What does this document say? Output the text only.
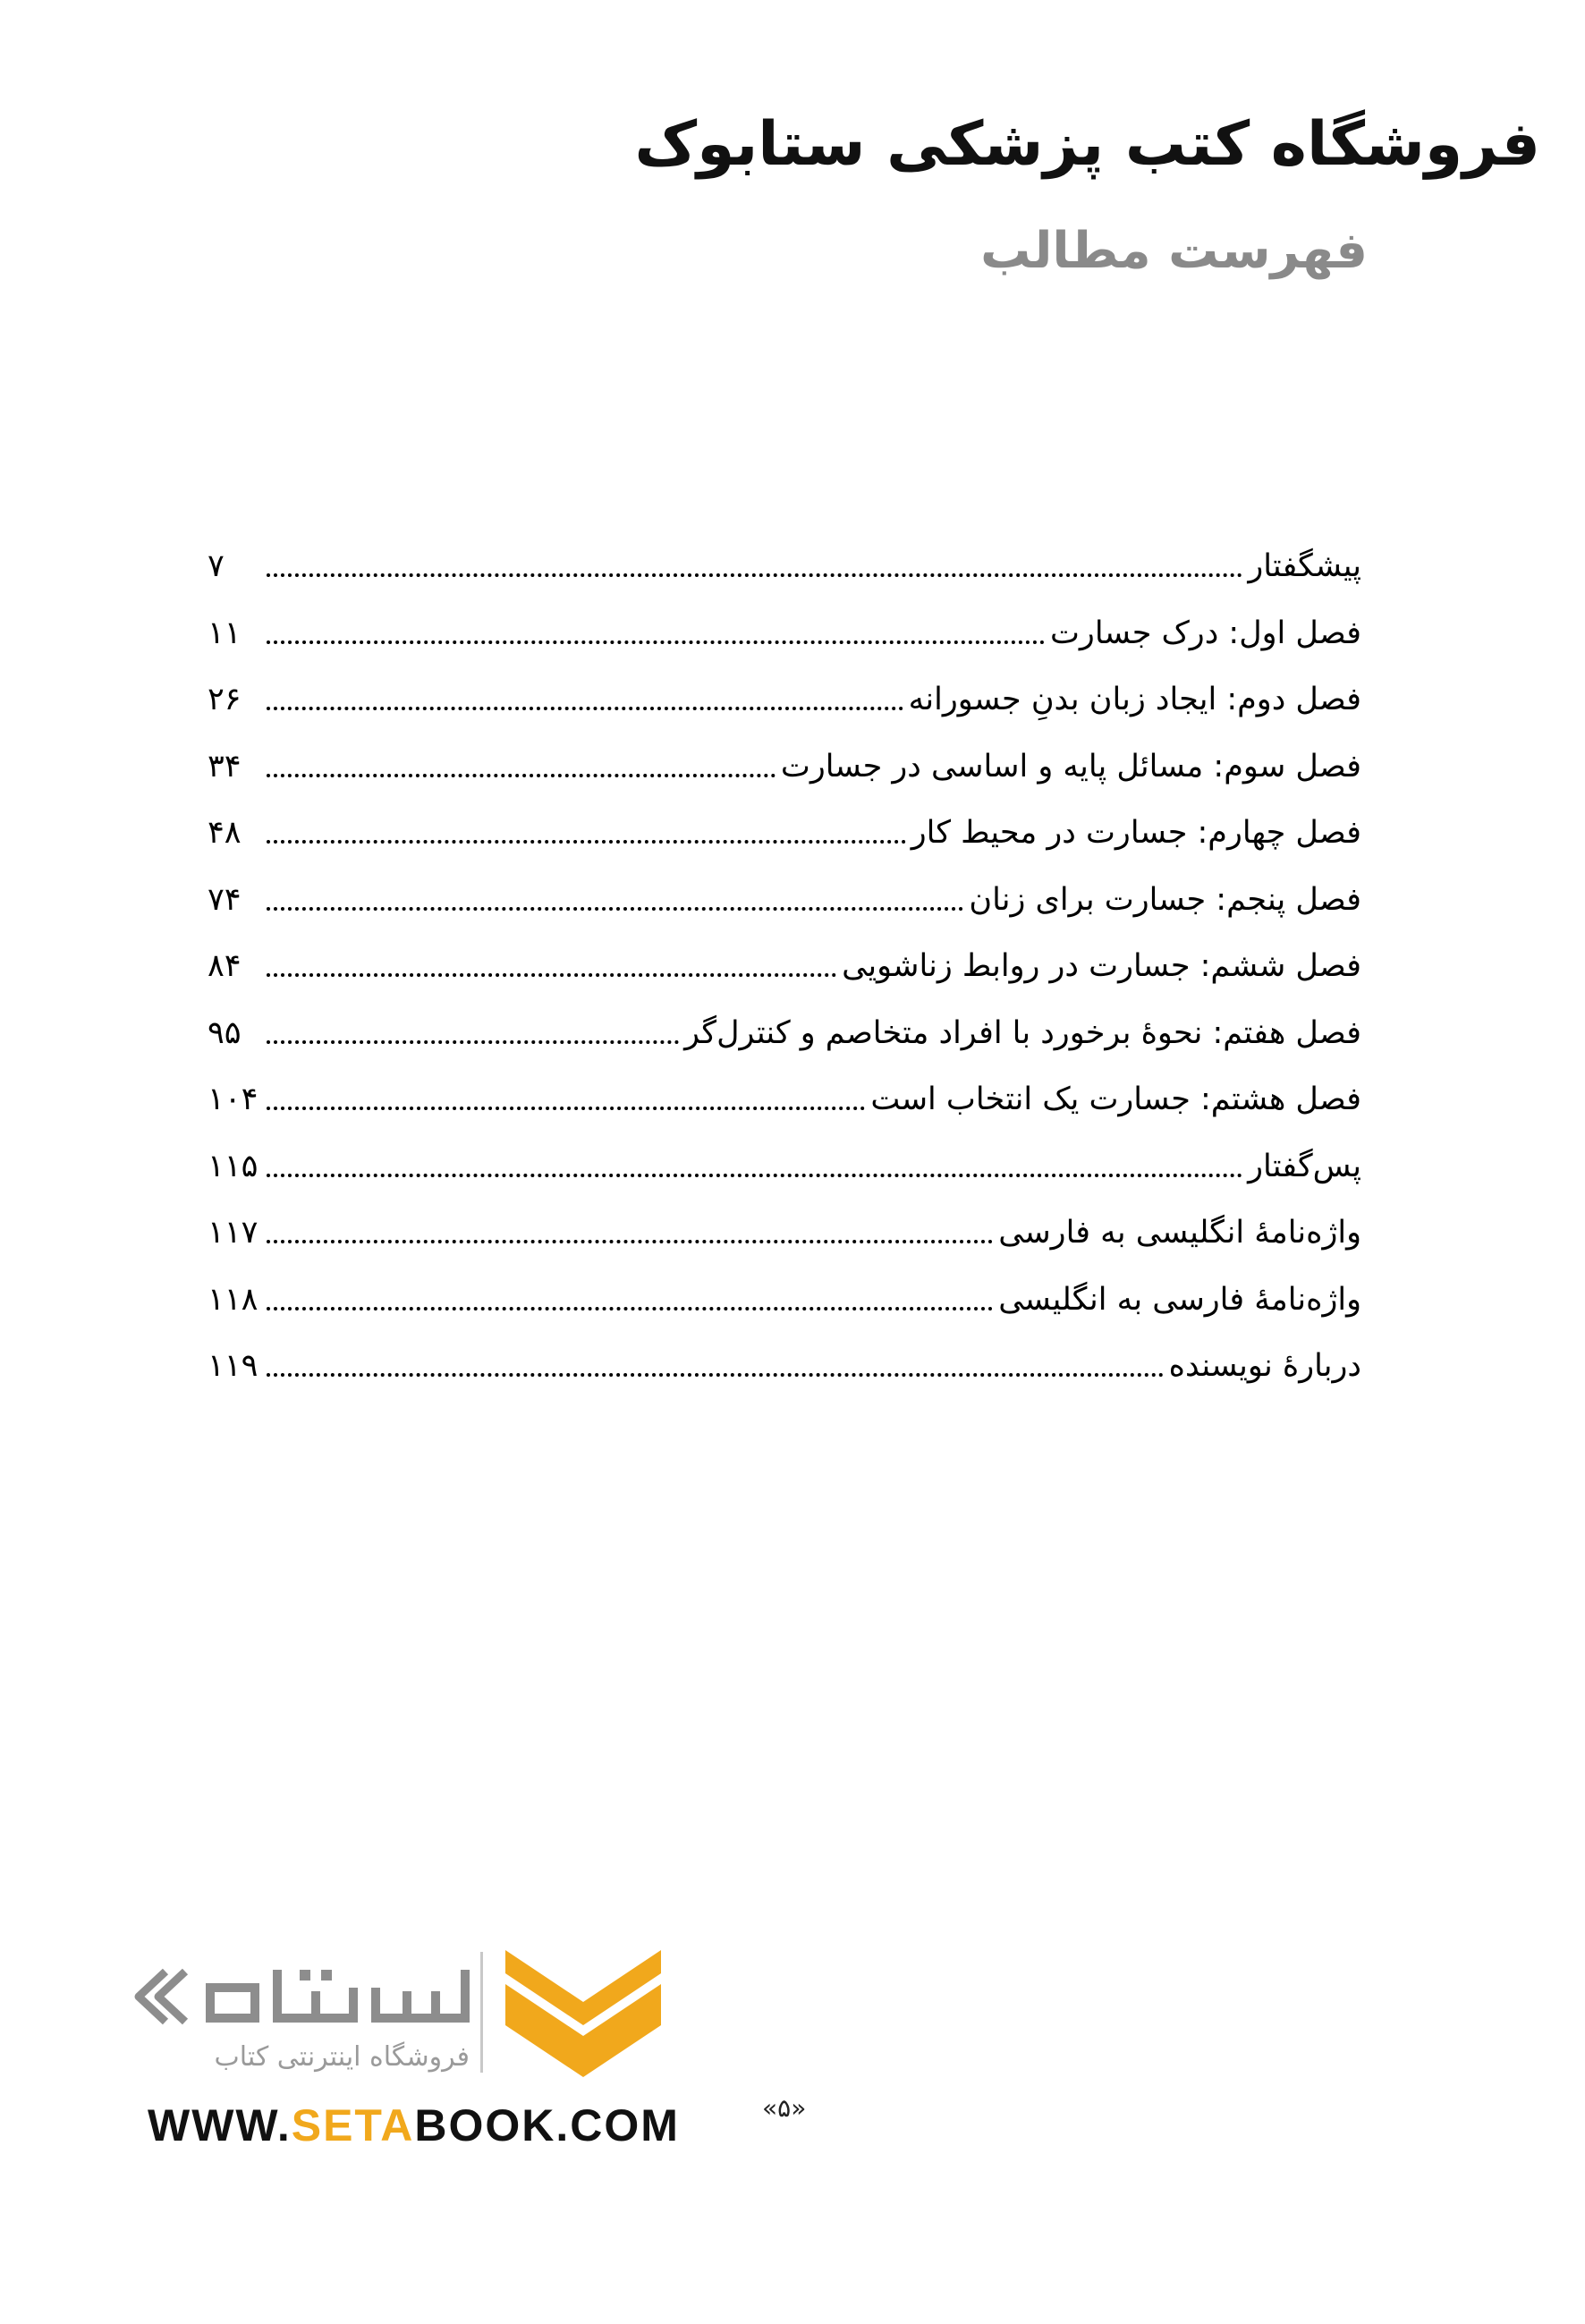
فروشگاه کتب پزشکی ستابوک
فهرست مطالب
۷	پیشگفتار
۱۱	فصل اول: درک جسارت
۲۶	فصل دوم: ایجاد زبان بدنِ جسورانه
۳۴	فصل سوم: مسائل پایه و اساسی در جسارت
۴۸	فصل چهارم: جسارت در محیط کار
۷۴	فصل پنجم: جسارت برای زنان
۸۴	فصل ششم: جسارت در روابط زناشویی
۹۵	فصل هفتم: نحوۀ برخورد با افراد متخاصم و کنترل‌گر
۱۰۴	فصل هشتم: جسارت یک انتخاب است
۱۱۵	پس‌گفتار
۱۱۷	واژه‌نامۀ انگلیسی به فارسی
۱۱۸	واژه‌نامۀ فارسی به انگلیسی
۱۱۹	دربارۀ نویسنده
فروشگاه اینترنتی کتاب
WWW.SETABOOK.COM	«۵»
